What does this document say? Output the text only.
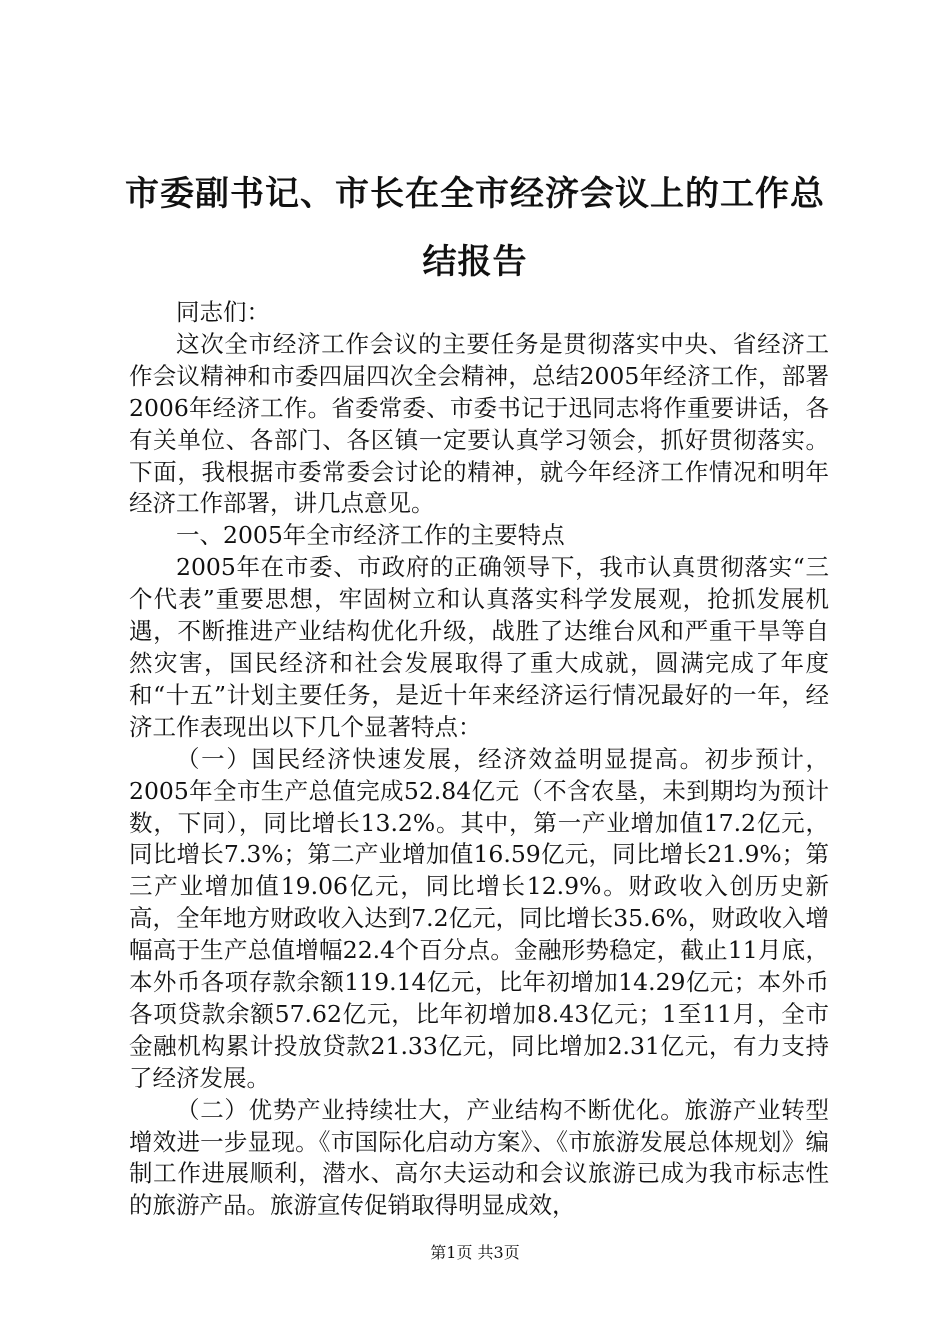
市委副书记、市长在全市经济会议上的工作总结报告

同志们：

这次全市经济工作会议的主要任务是贯彻落实中央、省经济工作会议精神和市委四届四次全会精神，总结2005年经济工作，部署2006年经济工作。省委常委、市委书记于迅同志将作重要讲话，各有关单位、各部门、各区镇一定要认真学习领会，抓好贯彻落实。下面，我根据市委常委会讨论的精神，就今年经济工作情况和明年经济工作部署，讲几点意见。

一、2005年全市经济工作的主要特点

2005年在市委、市政府的正确领导下，我市认真贯彻落实“三个代表”重要思想，牢固树立和认真落实科学发展观，抢抓发展机遇，不断推进产业结构优化升级，战胜了达维台风和严重干旱等自然灾害，国民经济和社会发展取得了重大成就，圆满完成了年度和“十五”计划主要任务，是近十年来经济运行情况最好的一年，经济工作表现出以下几个显著特点：

（一）国民经济快速发展，经济效益明显提高。初步预计，2005年全市生产总值完成52.84亿元（不含农垦，未到期均为预计数，下同），同比增长13.2%。其中，第一产业增加值17.2亿元，同比增长7.3%；第二产业增加值16.59亿元，同比增长21.9%；第三产业增加值19.06亿元，同比增长12.9%。财政收入创历史新高，全年地方财政收入达到7.2亿元，同比增长35.6%，财政收入增幅高于生产总值增幅22.4个百分点。金融形势稳定，截止11月底，本外币各项存款余额119.14亿元，比年初增加14.29亿元；本外币各项贷款余额57.62亿元，比年初增加8.43亿元；1至11月，全市金融机构累计投放贷款21.33亿元，同比增加2.31亿元，有力支持了经济发展。

（二）优势产业持续壮大，产业结构不断优化。旅游产业转型增效进一步显现。《市国际化启动方案》、《市旅游发展总体规划》编制工作进展顺利，潜水、高尔夫运动和会议旅游已成为我市标志性的旅游产品。旅游宣传促销取得明显成效，

第1页 共3页
